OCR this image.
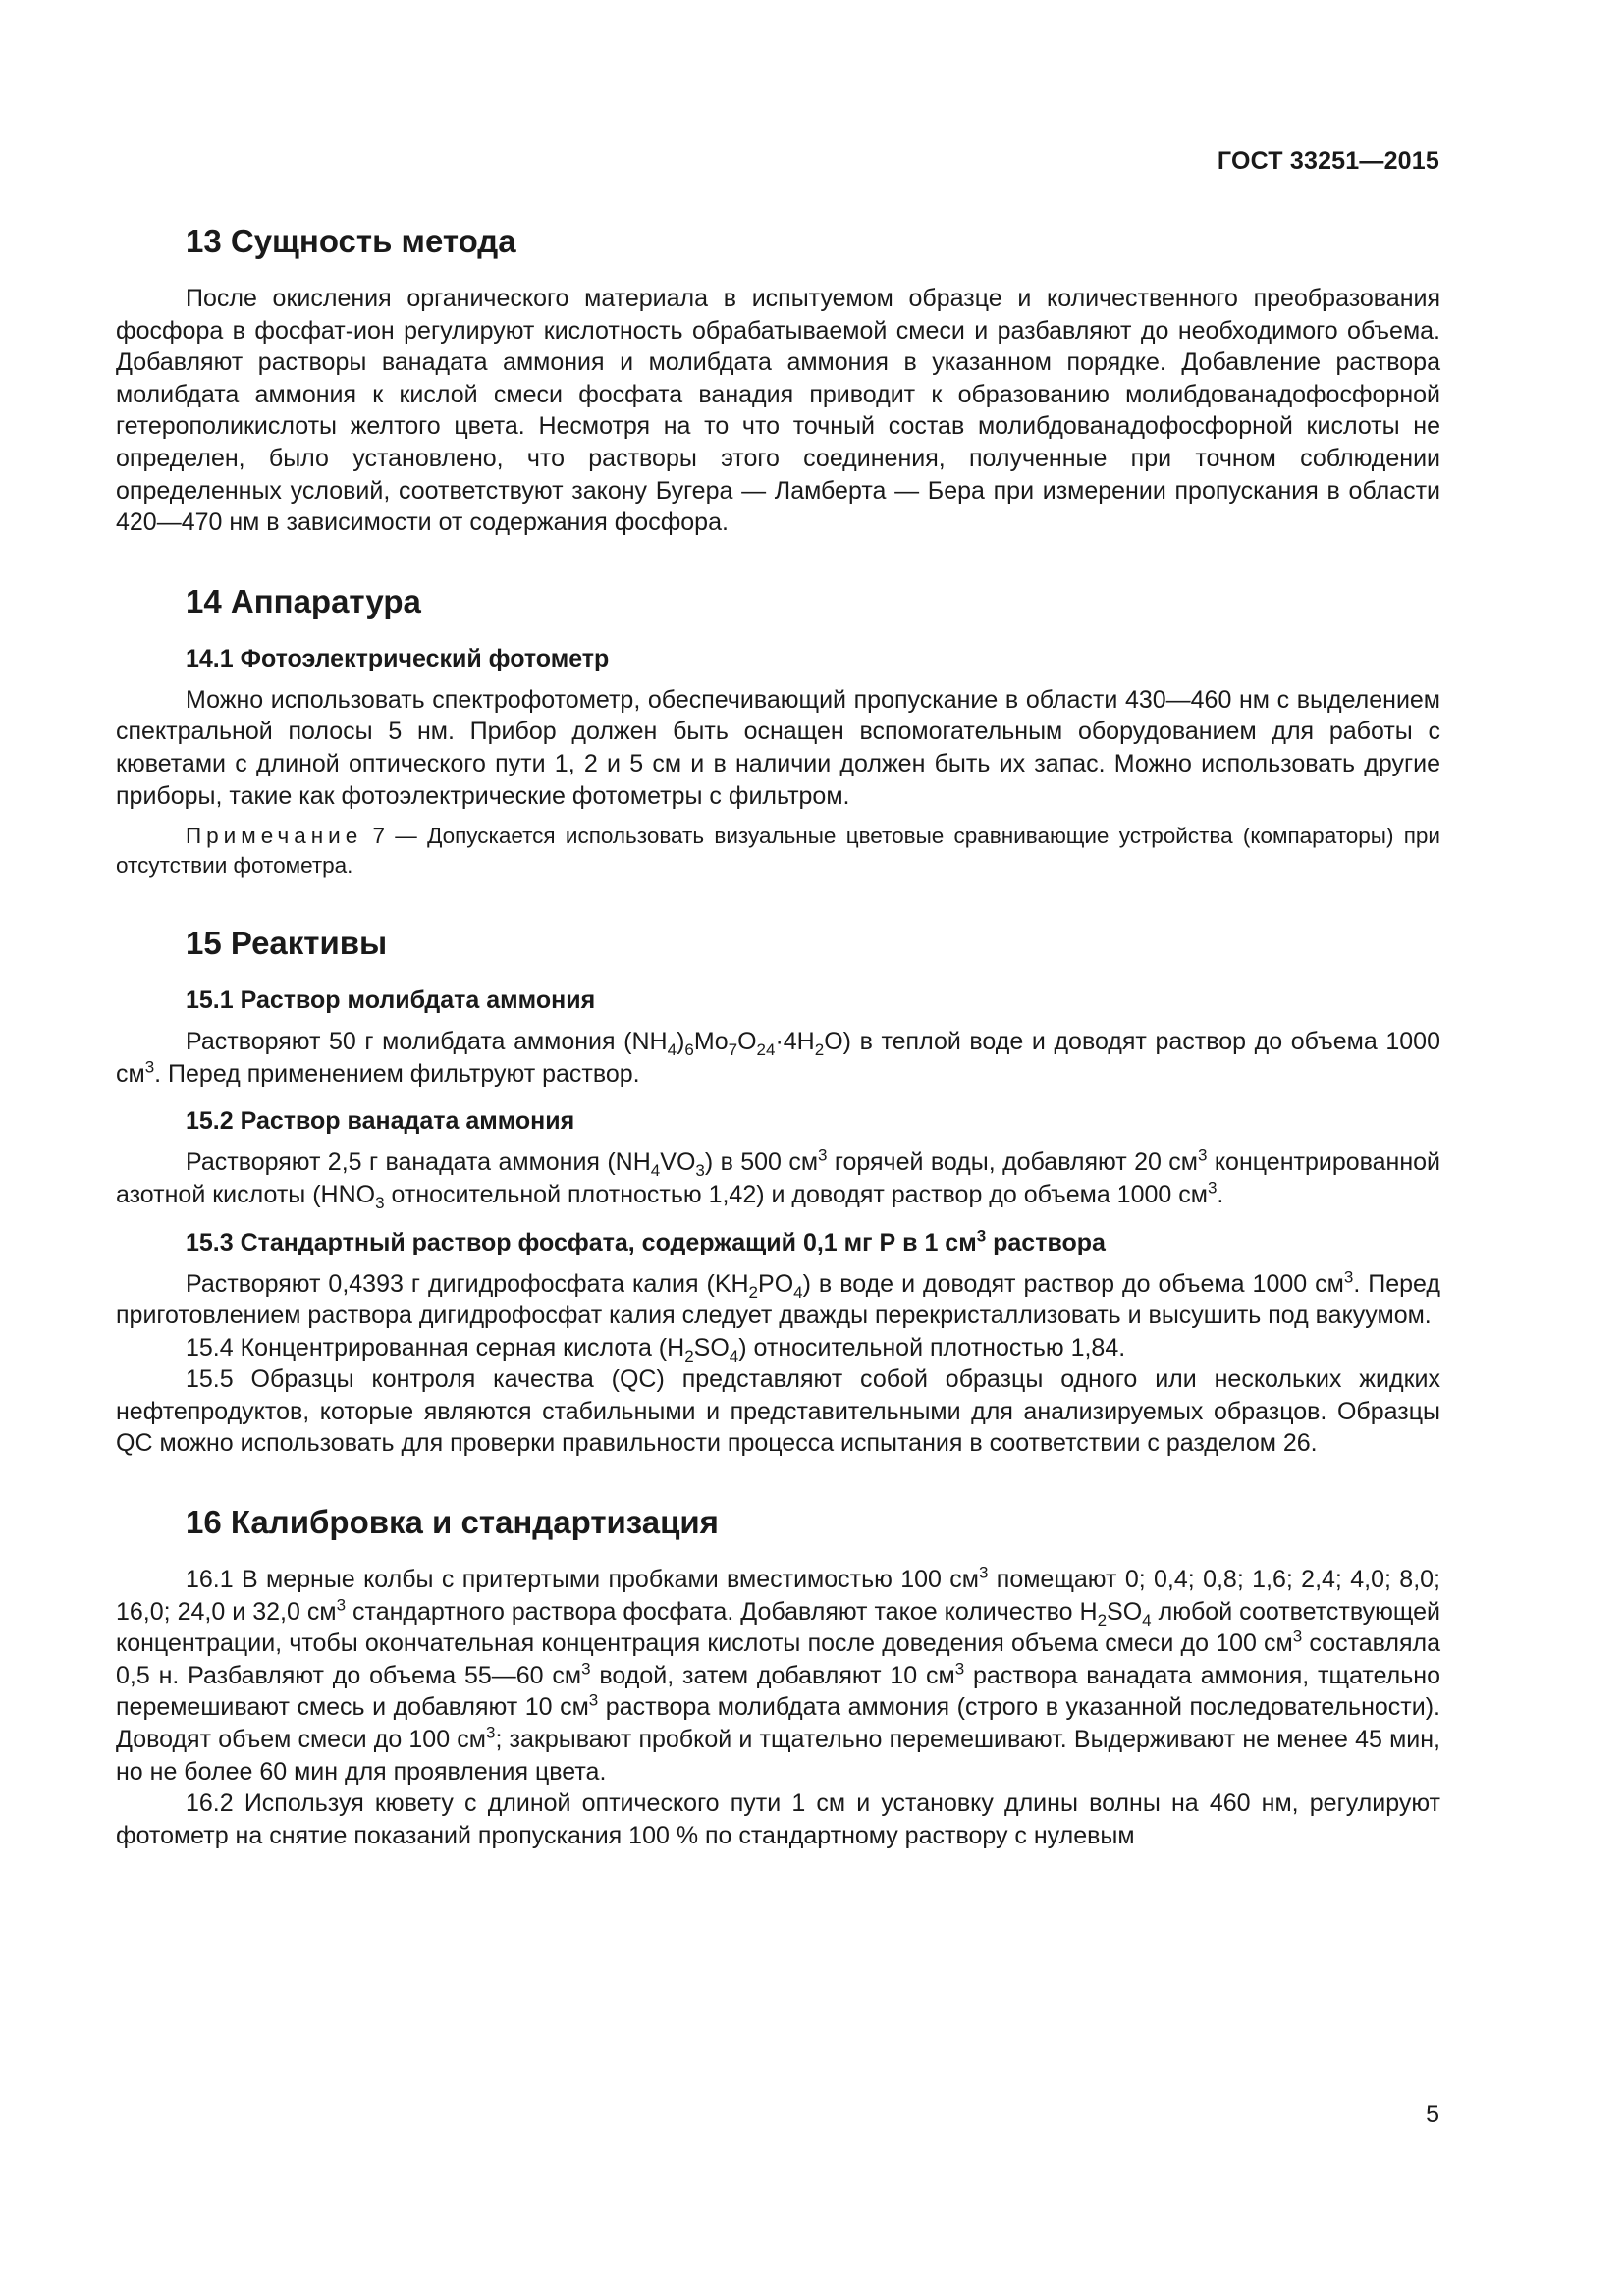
ГОСТ 33251—2015
13 Сущность метода

После окисления органического материала в испытуемом образце и количественного преобразования фосфора в фосфат-ион регулируют кислотность обрабатываемой смеси и разбавляют до необходимого объема. Добавляют растворы ванадата аммония и молибдата аммония в указанном порядке. Добавление раствора молибдата аммония к кислой смеси фосфата ванадия приводит к образованию молибдованадофосфорной гетерополикислоты желтого цвета. Несмотря на то что точный состав молибдованадофосфорной кислоты не определен, было установлено, что растворы этого соединения, полученные при точном соблюдении определенных условий, соответствуют закону Бугера — Ламберта — Бера при измерении пропускания в области 420—470 нм в зависимости от содержания фосфора.

14 Аппаратура
14.1 Фотоэлектрический фотометр

Можно использовать спектрофотометр, обеспечивающий пропускание в области 430—460 нм с выделением спектральной полосы 5 нм. Прибор должен быть оснащен вспомогательным оборудованием для работы с кюветами с длиной оптического пути 1, 2 и 5 см и в наличии должен быть их запас. Можно использовать другие приборы, такие как фотоэлектрические фотометры с фильтром.

Примечание 7 — Допускается использовать визуальные цветовые сравнивающие устройства (компараторы) при отсутствии фотометра.
15 Реактивы
15.1 Раствор молибдата аммония

Растворяют 50 г молибдата аммония $(NH_4)_6Mo_7O_{24}\cdot 4H_2O$) в теплой воде и доводят раствор до объема 1000 $см^3$. Перед применением фильтруют раствор.

15.2 Раствор ванадата аммония

Растворяют 2,5 г ванадата аммония $(NH_4VO_3)$ в 500 $см^3$ горячей воды, добавляют 20 $см^3$ концентрированной азотной кислоты ($HNO_3$ относительной плотностью 1,42) и доводят раствор до объема 1000 $см^3$.

15.3 Стандартный раствор фосфата, содержащий 0,1 мг Р в 1 $см^3$ раствора

Растворяют 0,4393 г дигидрофосфата калия $(KH_2PO_4)$ в воде и доводят раствор до объема 1000 $см^3$. Перед приготовлением раствора дигидрофосфат калия следует дважды перекристаллизовать и высушить под вакуумом.

15.4 Концентрированная серная кислота $(H_2SO_4)$ относительной плотностью 1,84.

15.5 Образцы контроля качества (QC) представляют собой образцы одного или нескольких жидких нефтепродуктов, которые являются стабильными и представительными для анализируемых образцов. Образцы QC можно использовать для проверки правильности процесса испытания в соответствии с разделом 26.

16 Калибровка и стандартизация

16.1 В мерные колбы с притертыми пробками вместимостью 100 $см^3$ помещают 0; 0,4; 0,8; 1,6; 2,4; 4,0; 8,0; 16,0; 24,0 и 32,0 $см^3$ стандартного раствора фосфата. Добавляют такое количество $H_2SO_4$ любой соответствующей концентрации, чтобы окончательная концентрация кислоты после доведения объема смеси до 100 $см^3$ составляла 0,5 н. Разбавляют до объема 55—60 $см^3$ водой, затем добавляют 10 $см^3$ раствора ванадата аммония, тщательно перемешивают смесь и добавляют 10 $см^3$ раствора молибдата аммония (строго в указанной последовательности). Доводят объем смеси до 100 $см^3$; закрывают пробкой и тщательно перемешивают. Выдерживают не менее 45 мин, но не более 60 мин для проявления цвета.

16.2 Используя кювету с длиной оптического пути 1 см и установку длины волны на 460 нм, регулируют фотометр на снятие показаний пропускания 100 % по стандартному раствору с нулевым

5
